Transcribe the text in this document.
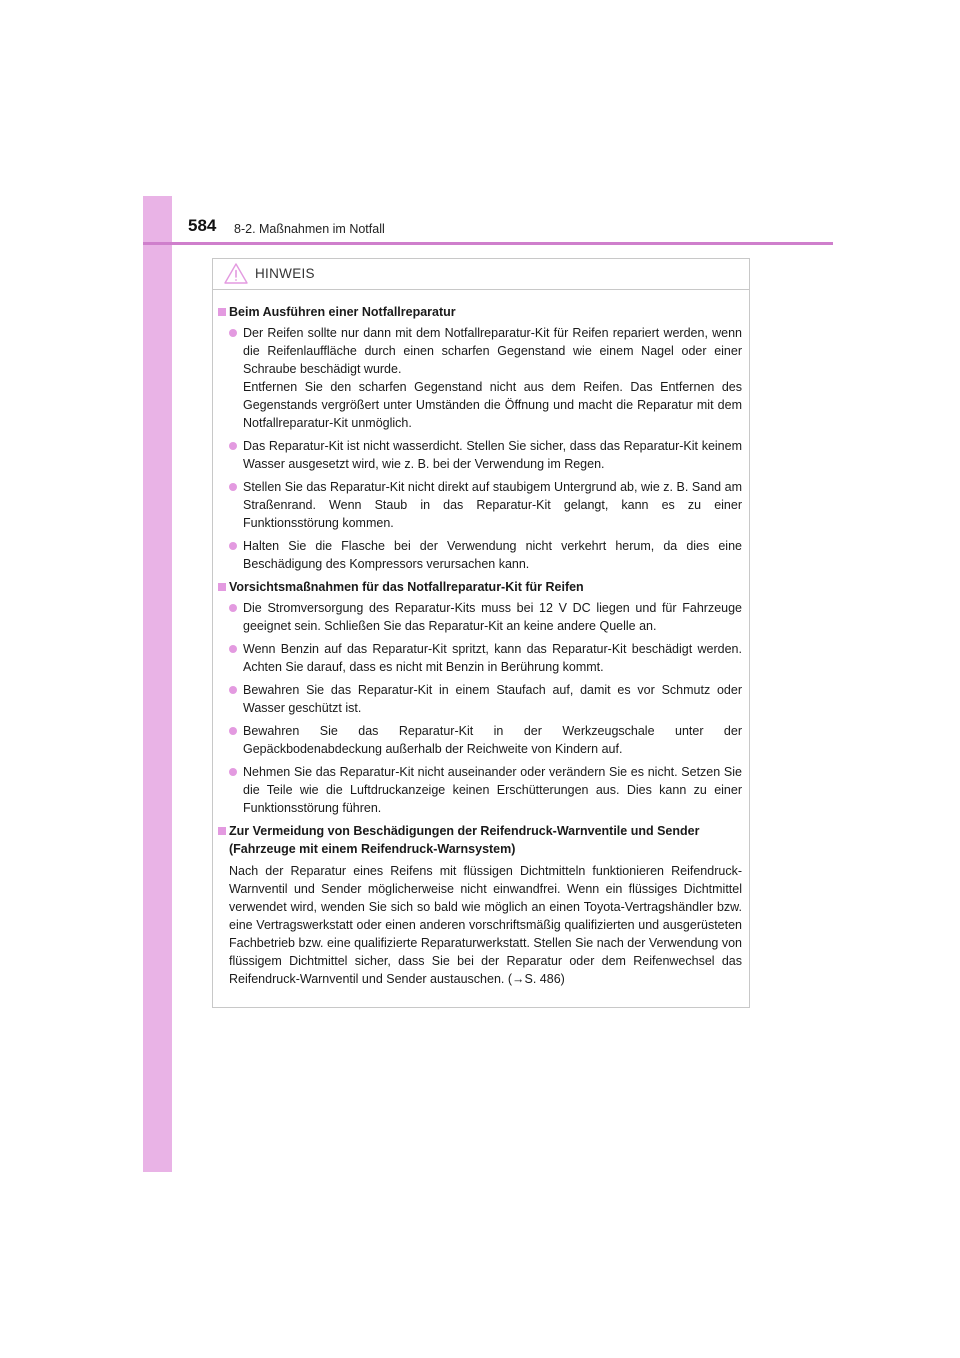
584 8-2. Maßnahmen im Notfall
HINWEIS
Beim Ausführen einer Notfallreparatur

Der Reifen sollte nur dann mit dem Notfallreparatur-Kit für Reifen repariert werden, wenn die Reifenlauffläche durch einen scharfen Gegenstand wie einem Nagel oder einer Schraube beschädigt wurde.

Entfernen Sie den scharfen Gegenstand nicht aus dem Reifen. Das Entfernen des Gegenstands vergrößert unter Umständen die Öffnung und macht die Reparatur mit dem Notfallreparatur-Kit unmöglich.

Das Reparatur-Kit ist nicht wasserdicht. Stellen Sie sicher, dass das Reparatur-Kit keinem Wasser ausgesetzt wird, wie z. B. bei der Verwendung im Regen.

Stellen Sie das Reparatur-Kit nicht direkt auf staubigem Untergrund ab, wie z. B. Sand am Straßenrand. Wenn Staub in das Reparatur-Kit gelangt, kann es zu einer Funktionsstörung kommen.

Halten Sie die Flasche bei der Verwendung nicht verkehrt herum, da dies eine Beschädigung des Kompressors verursachen kann.

Vorsichtsmaßnahmen für das Notfallreparatur-Kit für Reifen

Die Stromversorgung des Reparatur-Kits muss bei 12 V DC liegen und für Fahrzeuge geeignet sein. Schließen Sie das Reparatur-Kit an keine andere Quelle an.

Wenn Benzin auf das Reparatur-Kit spritzt, kann das Reparatur-Kit beschädigt werden. Achten Sie darauf, dass es nicht mit Benzin in Berührung kommt.

Bewahren Sie das Reparatur-Kit in einem Staufach auf, damit es vor Schmutz oder Wasser geschützt ist.

Bewahren Sie das Reparatur-Kit in der Werkzeugschale unter der Gepäckbodenabdeckung außerhalb der Reichweite von Kindern auf.

Nehmen Sie das Reparatur-Kit nicht auseinander oder verändern Sie es nicht. Setzen Sie die Teile wie die Luftdruckanzeige keinen Erschütterungen aus. Dies kann zu einer Funktionsstörung führen.

Zur Vermeidung von Beschädigungen der Reifendruck-Warnventile und Sender (Fahrzeuge mit einem Reifendruck-Warnsystem)

Nach der Reparatur eines Reifens mit flüssigen Dichtmitteln funktionieren Reifendruck-Warnventil und Sender möglicherweise nicht einwandfrei. Wenn ein flüssiges Dichtmittel verwendet wird, wenden Sie sich so bald wie möglich an einen Toyota-Vertragshändler bzw. eine Vertragswerkstatt oder einen anderen vorschriftsmäßig qualifizierten und ausgerüsteten Fachbetrieb bzw. eine qualifizierte Reparaturwerkstatt. Stellen Sie nach der Verwendung von flüssigem Dichtmittel sicher, dass Sie bei der Reparatur oder dem Reifenwechsel das Reifendruck-Warnventil und Sender austauschen. (→S. 486)
